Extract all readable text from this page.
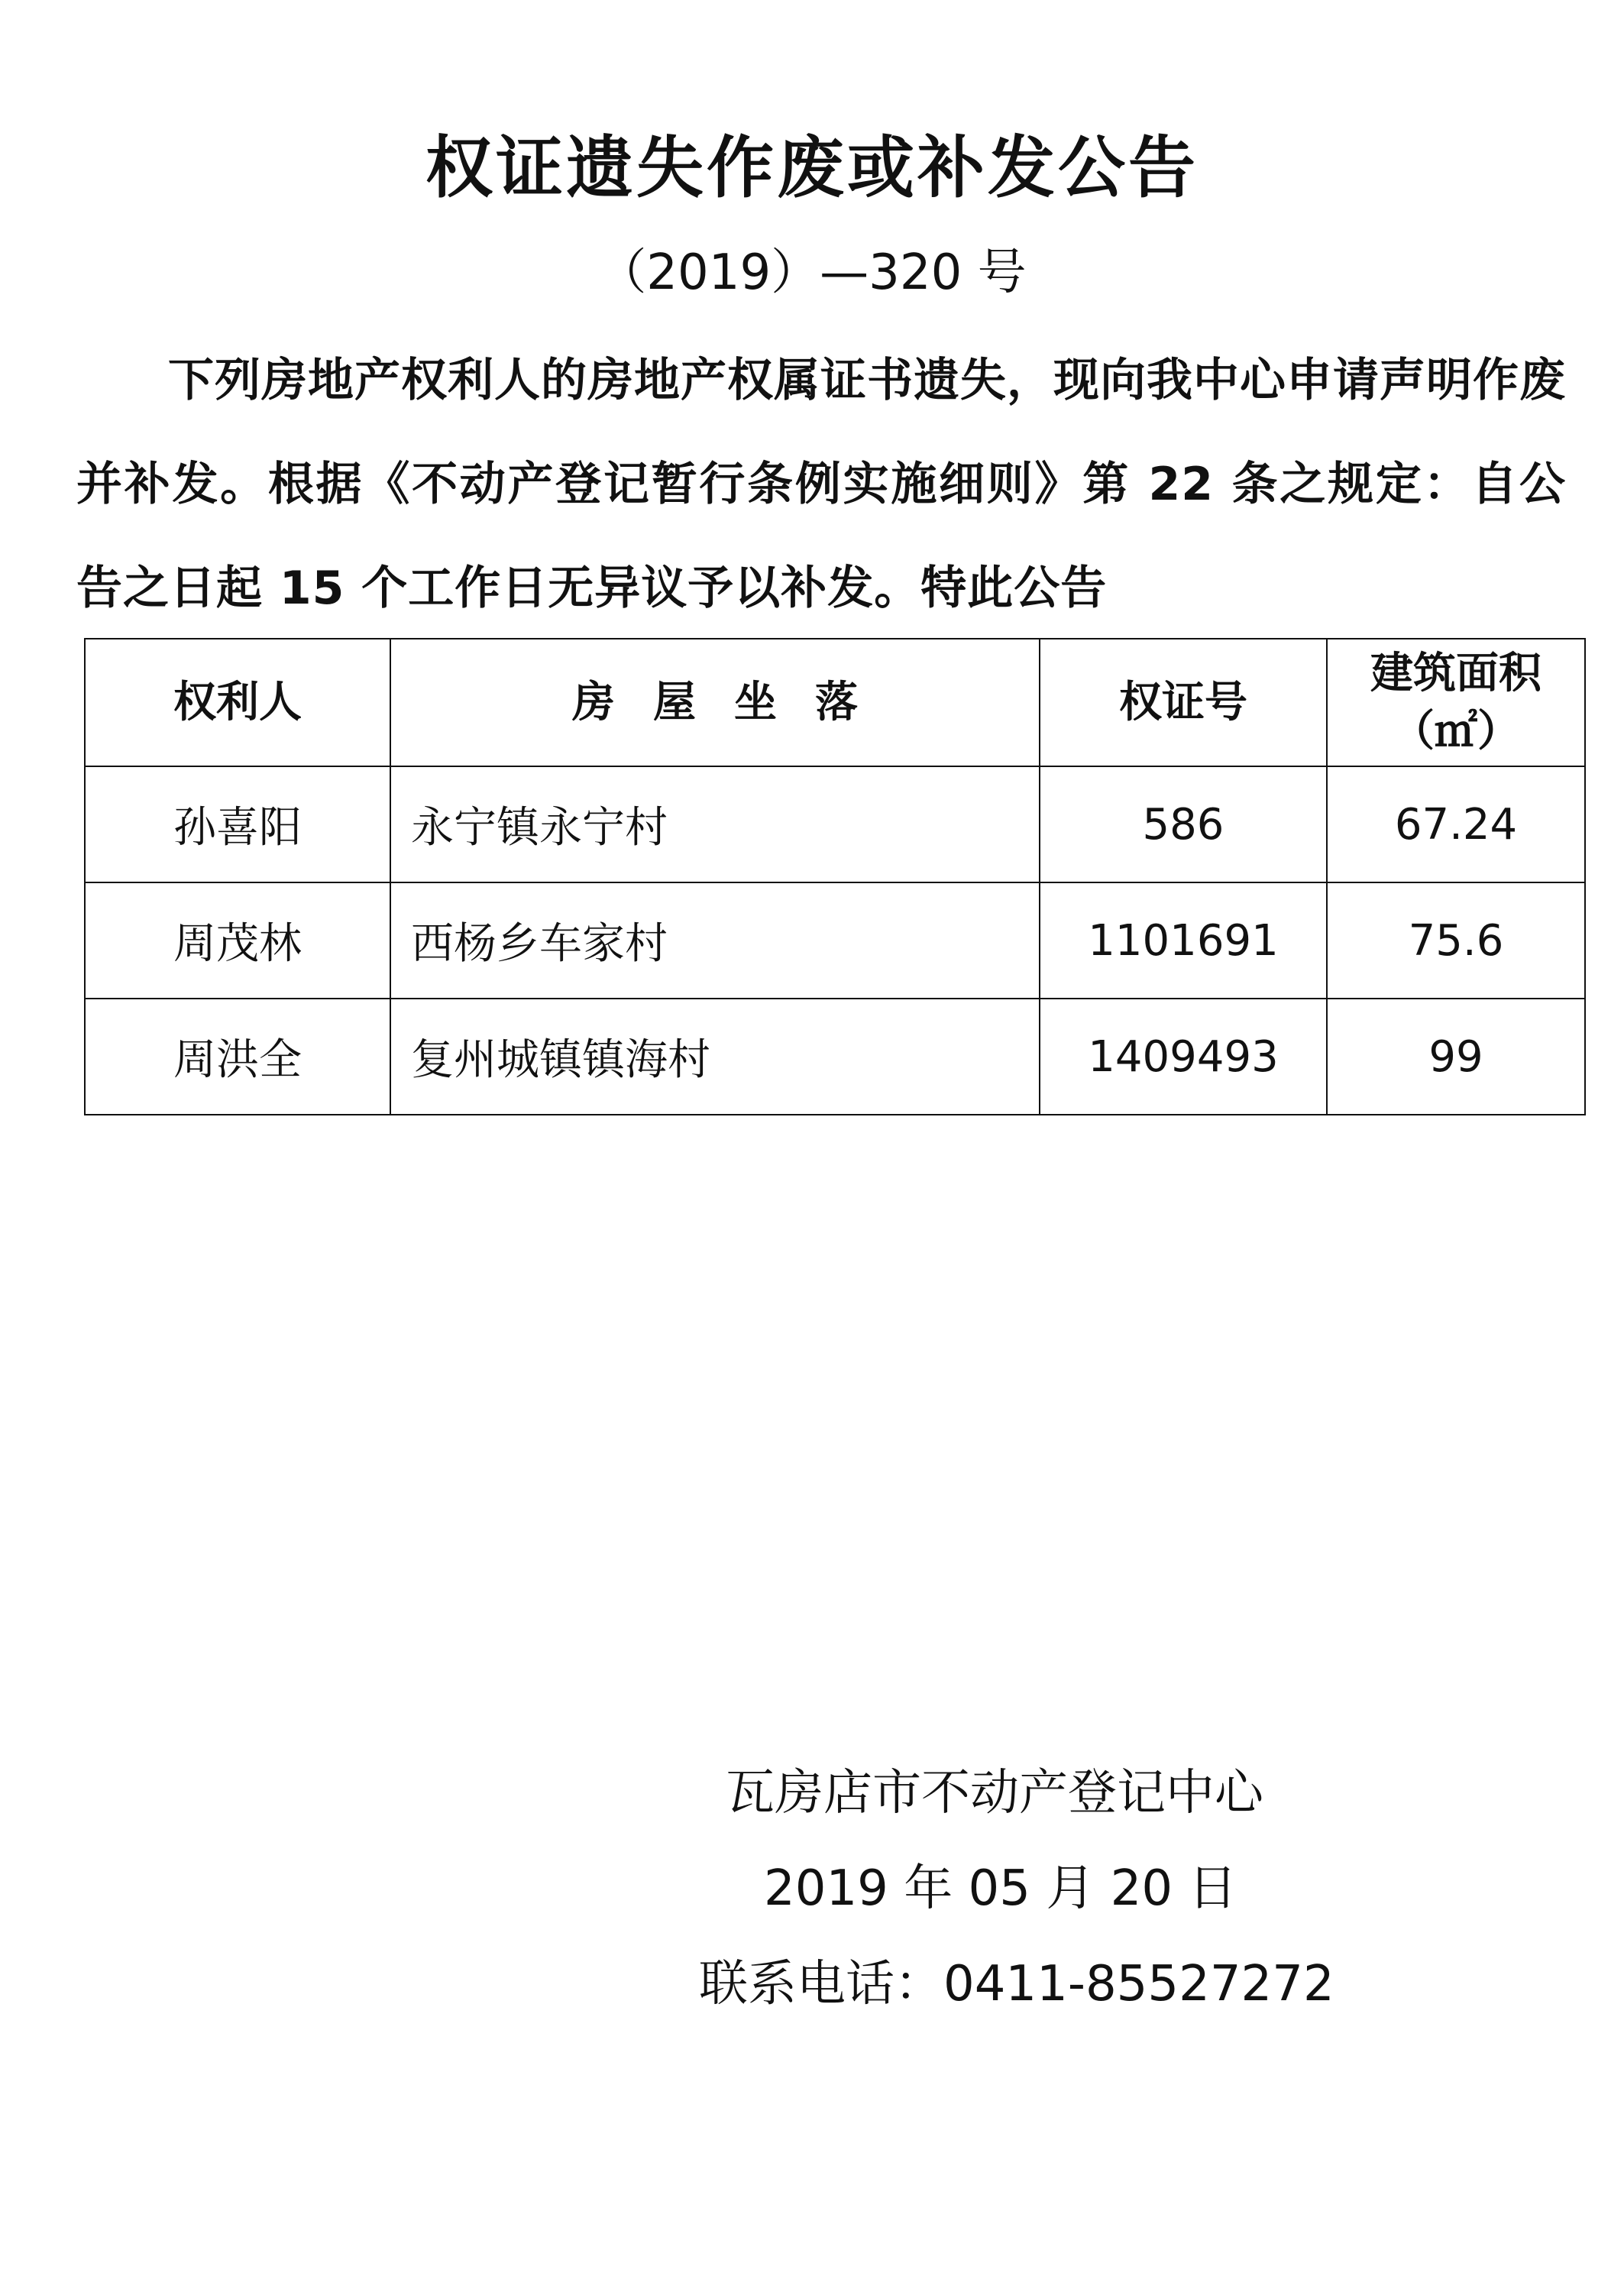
权证遗失作废或补发公告
（2019）—320 号

下列房地产权利人的房地产权属证书遗失，现向我中心申请声明作废并补发。根据《不动产登记暂行条例实施细则》第 22 条之规定：自公告之日起 15 个工作日无异议予以补发。特此公告

权利人	房屋坐落	权证号	建筑面积
（㎡）

孙喜阳	永宁镇永宁村	586	67.24
周茂林	西杨乡车家村	1101691	75.6
周洪全	复州城镇镇海村	1409493	99
瓦房店市不动产登记中心
2019 年 05 月 20 日
联系电话：0411-85527272
